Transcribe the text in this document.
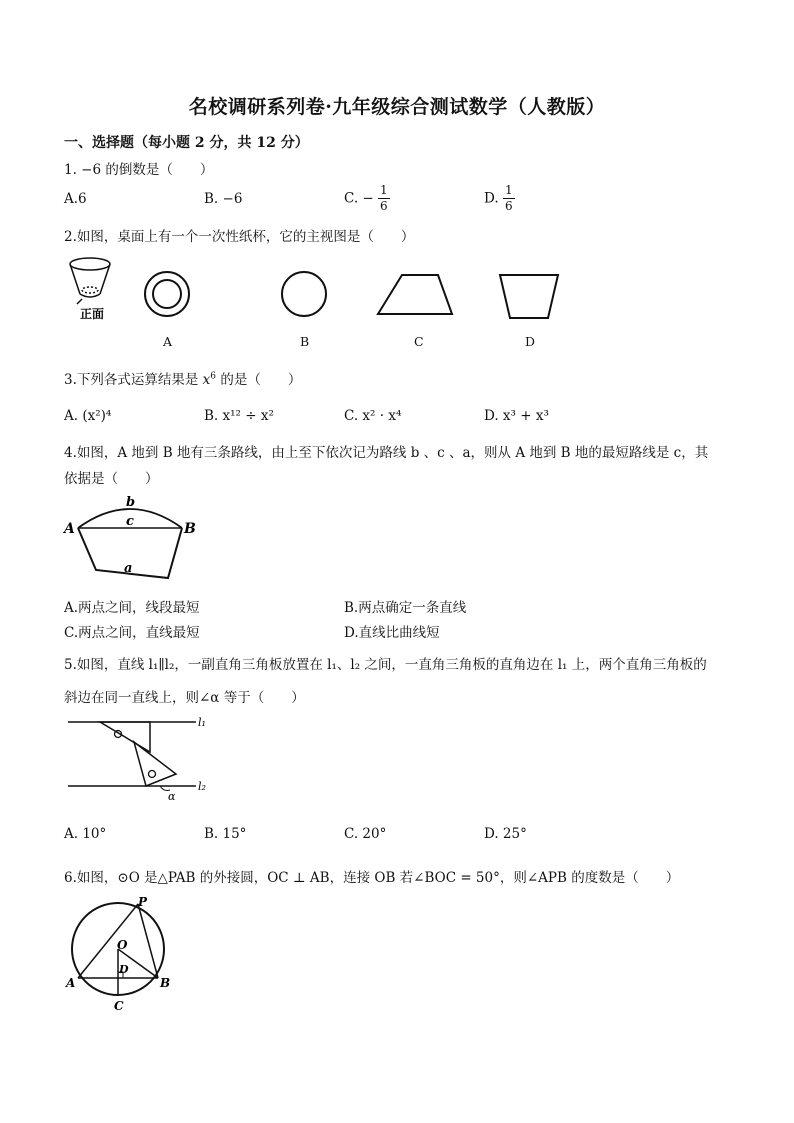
名校调研系列卷·九年级综合测试数学（人教版）
一、选择题（每小题 2 分，共 12 分）
1. −6 的倒数是（　　）
A.6	B. −6	C. − $\frac{1}{6}$	D. $\frac{1}{6}$
2.如图，桌面上有一个一次性纸杯，它的主视图是（　　）
正面
A	B	C	D
3.下列各式运算结果是 $x^6$ 的是（　　）
A. (x²)⁴	B. x¹² ÷ x²	C. x² · x⁴	D. x³ + x³
4.如图，A 地到 B 地有三条路线，由上至下依次记为路线 b 、c 、a，则从 A 地到 B 地的最短路线是 c，其
依据是（　　）
A	B
b
c
a
A.两点之间，线段最短	B.两点确定一条直线
C.两点之间，直线最短	D.直线比曲线短
5.如图，直线 l₁∥l₂，一副直角三角板放置在 l₁、l₂ 之间，一直角三角板的直角边在 l₁ 上，两个直角三角板的
斜边在同一直线上，则∠α 等于（　　）
l₁
l₂
α
A. 10°	B. 15°	C. 20°	D. 25°
6.如图，⊙O 是△PAB 的外接圆，OC ⊥ AB，连接 OB 若∠BOC = 50°，则∠APB 的度数是（　　）
P
O
D
A	B
C
